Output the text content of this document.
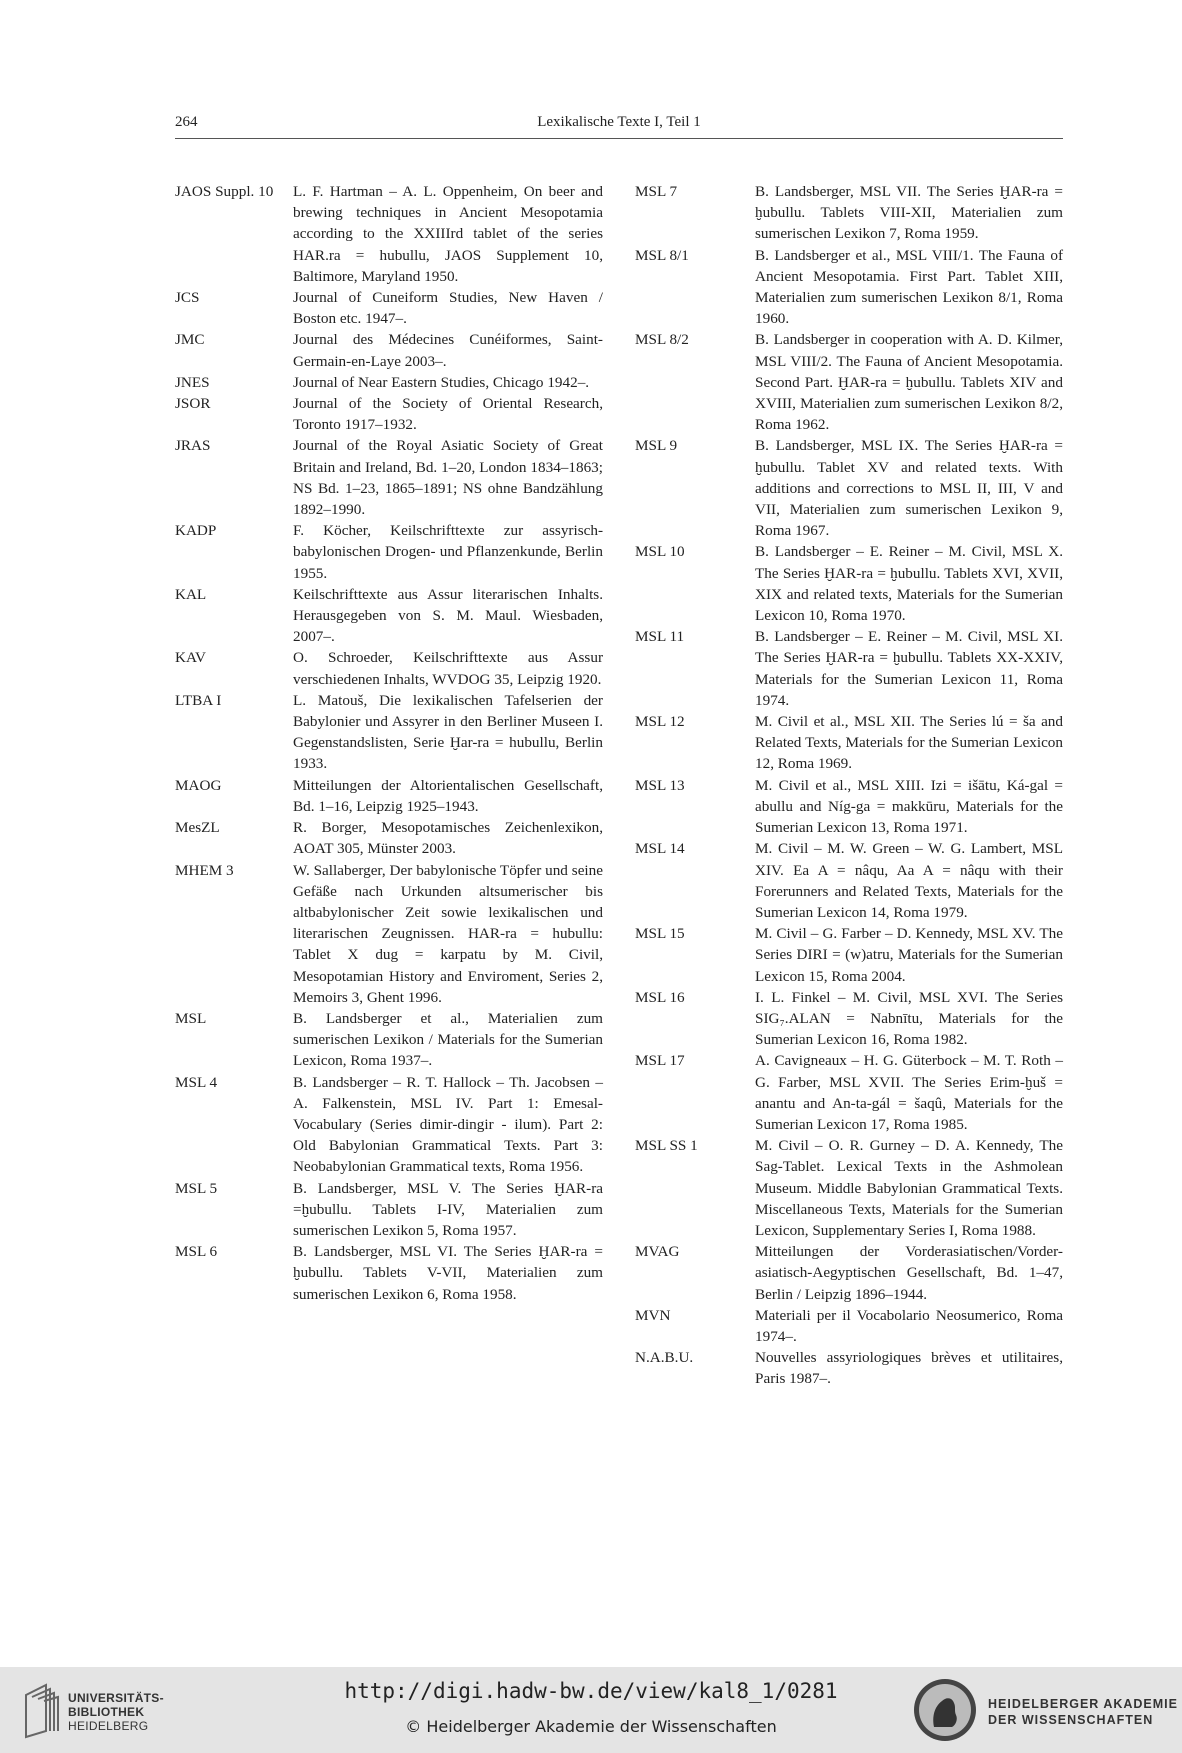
264	Lexikalische Texte I, Teil 1
JAOS Suppl. 10	L. F. Hartman – A. L. Oppenheim, On beer and brewing techniques in Ancient Mesopotamia according to the XXIIIrd tablet of the series HAR.ra = hubullu, JAOS Supplement 10, Baltimore, Maryland 1950.
JCS	Journal of Cuneiform Studies, New Haven / Boston etc. 1947–.
JMC	Journal des Médecines Cunéiformes, Saint-Germain-en-Laye 2003–.
JNES	Journal of Near Eastern Studies, Chicago 1942–.
JSOR	Journal of the Society of Oriental Research, Toronto 1917–1932.
JRAS	Journal of the Royal Asiatic Society of Great Britain and Ireland, Bd. 1–20, London 1834–1863; NS Bd. 1–23, 1865–1891; NS ohne Bandzählung 1892–1990.
KADP	F. Köcher, Keilschrifttexte zur assyrisch-babylonischen Drogen- und Pflanzenkunde, Berlin 1955.
KAL	Keilschrifttexte aus Assur literarischen Inhalts. Herausgegeben von S. M. Maul. Wiesbaden, 2007–.
KAV	O. Schroeder, Keilschrifttexte aus Assur verschiedenen Inhalts, WVDOG 35, Leipzig 1920.
LTBA I	L. Matouš, Die lexikalischen Tafelserien der Babylonier und Assyrer in den Berliner Museen I. Gegenstandslisten, Serie Ḫar-ra = hubullu, Berlin 1933.
MAOG	Mitteilungen der Altorientalischen Gesellschaft, Bd. 1–16, Leipzig 1925–1943.
MesZL	R. Borger, Mesopotamisches Zeichenlexikon, AOAT 305, Münster 2003.
MHEM 3	W. Sallaberger, Der babylonische Töpfer und seine Gefäße nach Urkunden altsumerischer bis altbabylonischer Zeit sowie lexikalischen und literarischen Zeugnissen. HAR-ra = hubullu: Tablet X dug = karpatu by M. Civil, Mesopotamian History and Enviroment, Series 2, Memoirs 3, Ghent 1996.
MSL	B. Landsberger et al., Materialien zum sumerischen Lexikon / Materials for the Sumerian Lexicon, Roma 1937–.
MSL 4	B. Landsberger – R. T. Hallock – Th. Jacobsen – A. Falkenstein, MSL IV. Part 1: Emesal-Vocabulary (Series dimir-dingir - ilum). Part 2: Old Babylonian Grammatical Texts. Part 3: Neobabylonian Grammatical texts, Roma 1956.
MSL 5	B. Landsberger, MSL V. The Series ḪAR-ra =ḫubullu. Tablets I-IV, Materialien zum sumerischen Lexikon 5, Roma 1957.
MSL 6	B. Landsberger, MSL VI. The Series ḪAR-ra = ḫubullu. Tablets V-VII, Materialien zum sumerischen Lexikon 6, Roma 1958.
MSL 7	B. Landsberger, MSL VII. The Series ḪAR-ra = ḫubullu. Tablets VIII-XII, Materialien zum sumerischen Lexikon 7, Roma 1959.
MSL 8/1	B. Landsberger et al., MSL VIII/1. The Fauna of Ancient Mesopotamia. First Part. Tablet XIII, Materialien zum sumerischen Lexikon 8/1, Roma 1960.
MSL 8/2	B. Landsberger in cooperation with A. D. Kilmer, MSL VIII/2. The Fauna of Ancient Mesopotamia. Second Part. ḪAR-ra = ḫubullu. Tablets XIV and XVIII, Materialien zum sumerischen Lexikon 8/2, Roma 1962.
MSL 9	B. Landsberger, MSL IX. The Series ḪAR-ra = ḫubullu. Tablet XV and related texts. With additions and corrections to MSL II, III, V and VII, Materialien zum sumerischen Lexikon 9, Roma 1967.
MSL 10	B. Landsberger – E. Reiner – M. Civil, MSL X. The Series ḪAR-ra = ḫubullu. Tablets XVI, XVII, XIX and related texts, Materials for the Sumerian Lexicon 10, Roma 1970.
MSL 11	B. Landsberger – E. Reiner – M. Civil, MSL XI. The Series ḪAR-ra = ḫubullu. Tablets XX-XXIV, Materials for the Sumerian Lexicon 11, Roma 1974.
MSL 12	M. Civil et al., MSL XII. The Series lú = ša and Related Texts, Materials for the Sumerian Lexicon 12, Roma 1969.
MSL 13	M. Civil et al., MSL XIII. Izi = išātu, Ká-gal = abullu and Níg-ga = makkūru, Materials for the Sumerian Lexicon 13, Roma 1971.
MSL 14	M. Civil – M. W. Green – W. G. Lambert, MSL XIV. Ea A = nâqu, Aa A = nâqu with their Forerunners and Related Texts, Materials for the Sumerian Lexicon 14, Roma 1979.
MSL 15	M. Civil – G. Farber – D. Kennedy, MSL XV. The Series DIRI = (w)atru, Materials for the Sumerian Lexicon 15, Roma 2004.
MSL 16	I. L. Finkel – M. Civil, MSL XVI. The Series SIG₇.ALAN = Nabnītu, Materials for the Sumerian Lexicon 16, Roma 1982.
MSL 17	A. Cavigneaux – H. G. Güterbock – M. T. Roth – G. Farber, MSL XVII. The Series Erim-ḫuš = anantu and An-ta-gál = šaqû, Materials for the Sumerian Lexicon 17, Roma 1985.
MSL SS 1	M. Civil – O. R. Gurney – D. A. Kennedy, The Sag-Tablet. Lexical Texts in the Ashmolean Museum. Middle Babylonian Grammatical Texts. Miscellaneous Texts, Materials for the Sumerian Lexicon, Supplementary Series I, Roma 1988.
MVAG	Mitteilungen der Vorderasiatischen/Vorder-asiatisch-Aegyptischen Gesellschaft, Bd. 1–47, Berlin / Leipzig 1896–1944.
MVN	Materiali per il Vocabolario Neosumerico, Roma 1974–.
N.A.B.U.	Nouvelles assyriologiques brèves et utilitaires, Paris 1987–.
UNIVERSITÄTS-
BIBLIOTHEK
HEIDELBERG
http://digi.hadw-bw.de/view/kal8_1/0281
© Heidelberger Akademie der Wissenschaften
HEIDELBERGER AKADEMIE
DER WISSENSCHAFTEN
